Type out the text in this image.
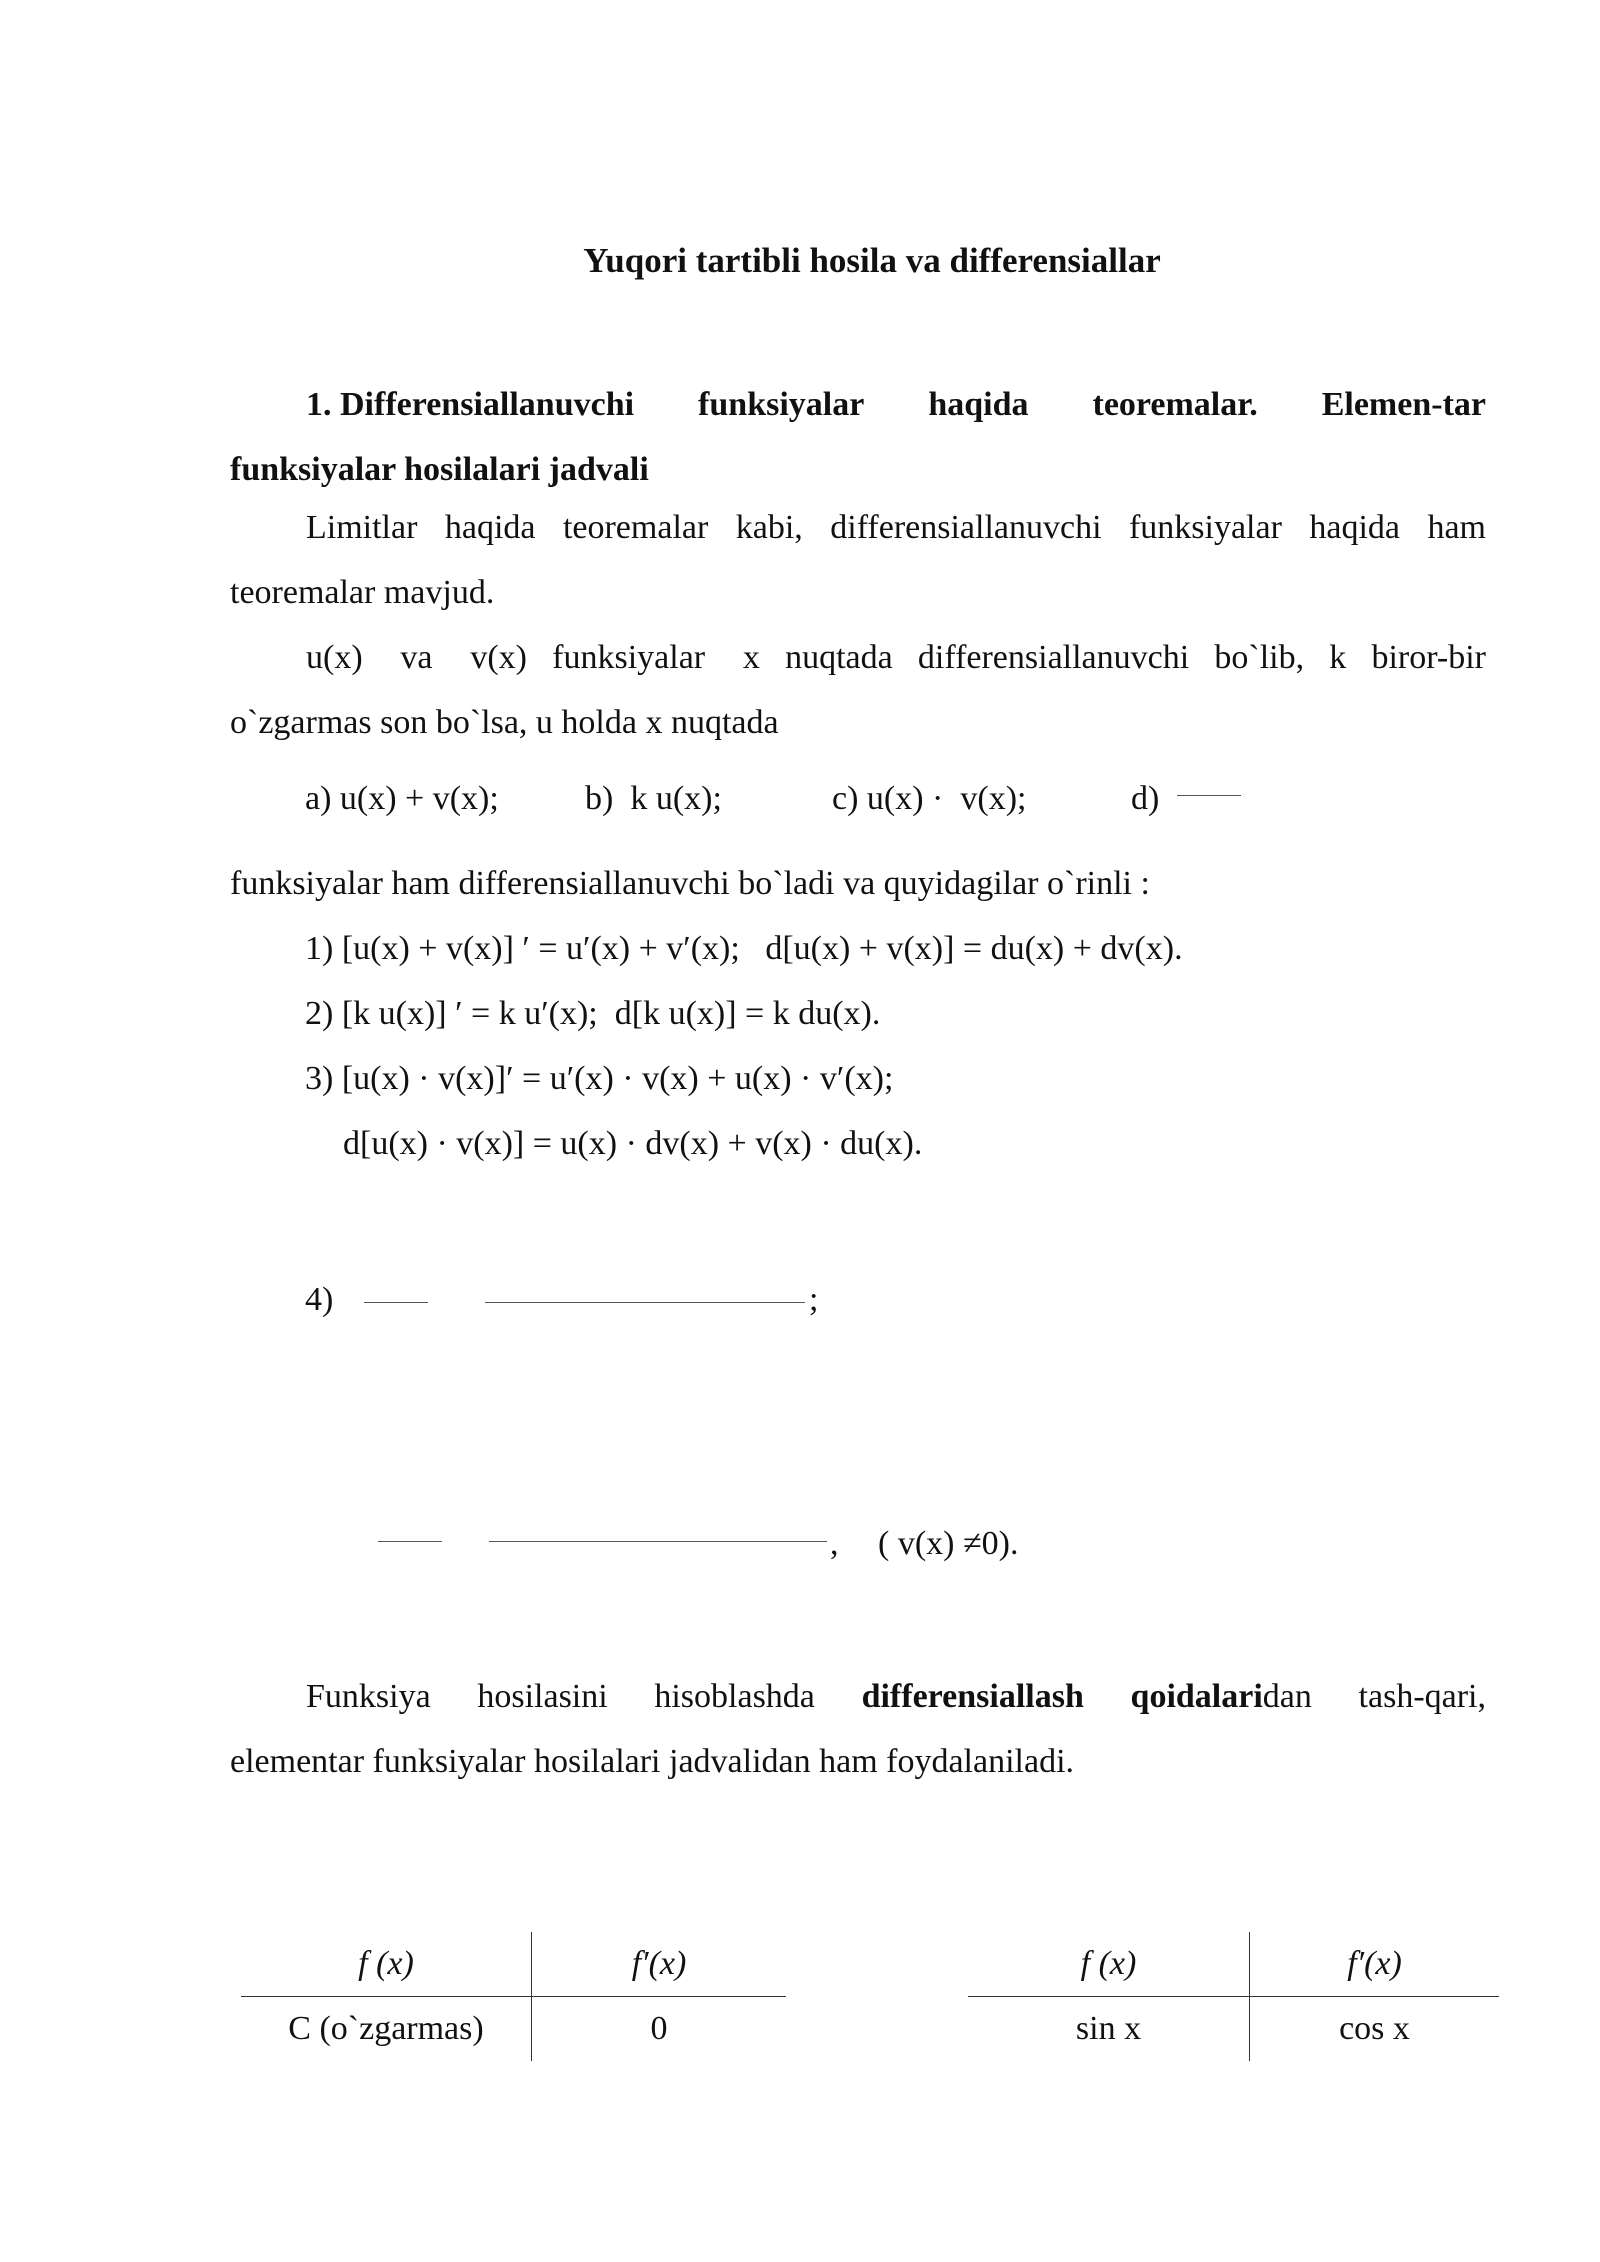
Yuqori tartibli hosila va differensiallar
1. Differensiallanuvchi funksiyalar haqida teoremalar. Elemen-tar
funksiyalar hosilalari jadvali
Limitlar haqida teoremalar kabi, differensiallanuvchi funksiyalar haqida ham
teoremalar mavjud.
u(x)   va   v(x)  funksiyalar   x  nuqtada  differensiallanuvchi  bo`lib,  k  biror-bir
o`zgarmas son bo`lsa, u holda x nuqtada
a) u(x) + v(x);	b)  k u(x);	c) u(x) ·  v(x);	d)
funksiyalar ham differensiallanuvchi bo`ladi va quyidagilar o`rinli :
1) [u(x) + v(x)] ′ = u′(x) + v′(x);   d[u(x) + v(x)] = du(x) + dv(x).
2) [k u(x)] ′ = k u′(x);  d[k u(x)] = k du(x).
3) [u(x) · v(x)]′ = u′(x) · v(x) + u(x) · v′(x);
d[u(x) · v(x)] = u(x) · dv(x) + v(x) · du(x).
4)	;
, ( v(x) ≠0).
Funksiya  hosilasini  hisoblashda  differensiallash  qoidalaridan  tash-qari,
elementar funksiyalar hosilalari jadvalidan ham foydalaniladi.
f (x)	f′(x)
C (o`zgarmas)	0
f (x)	f′(x)
sin x	cos x
